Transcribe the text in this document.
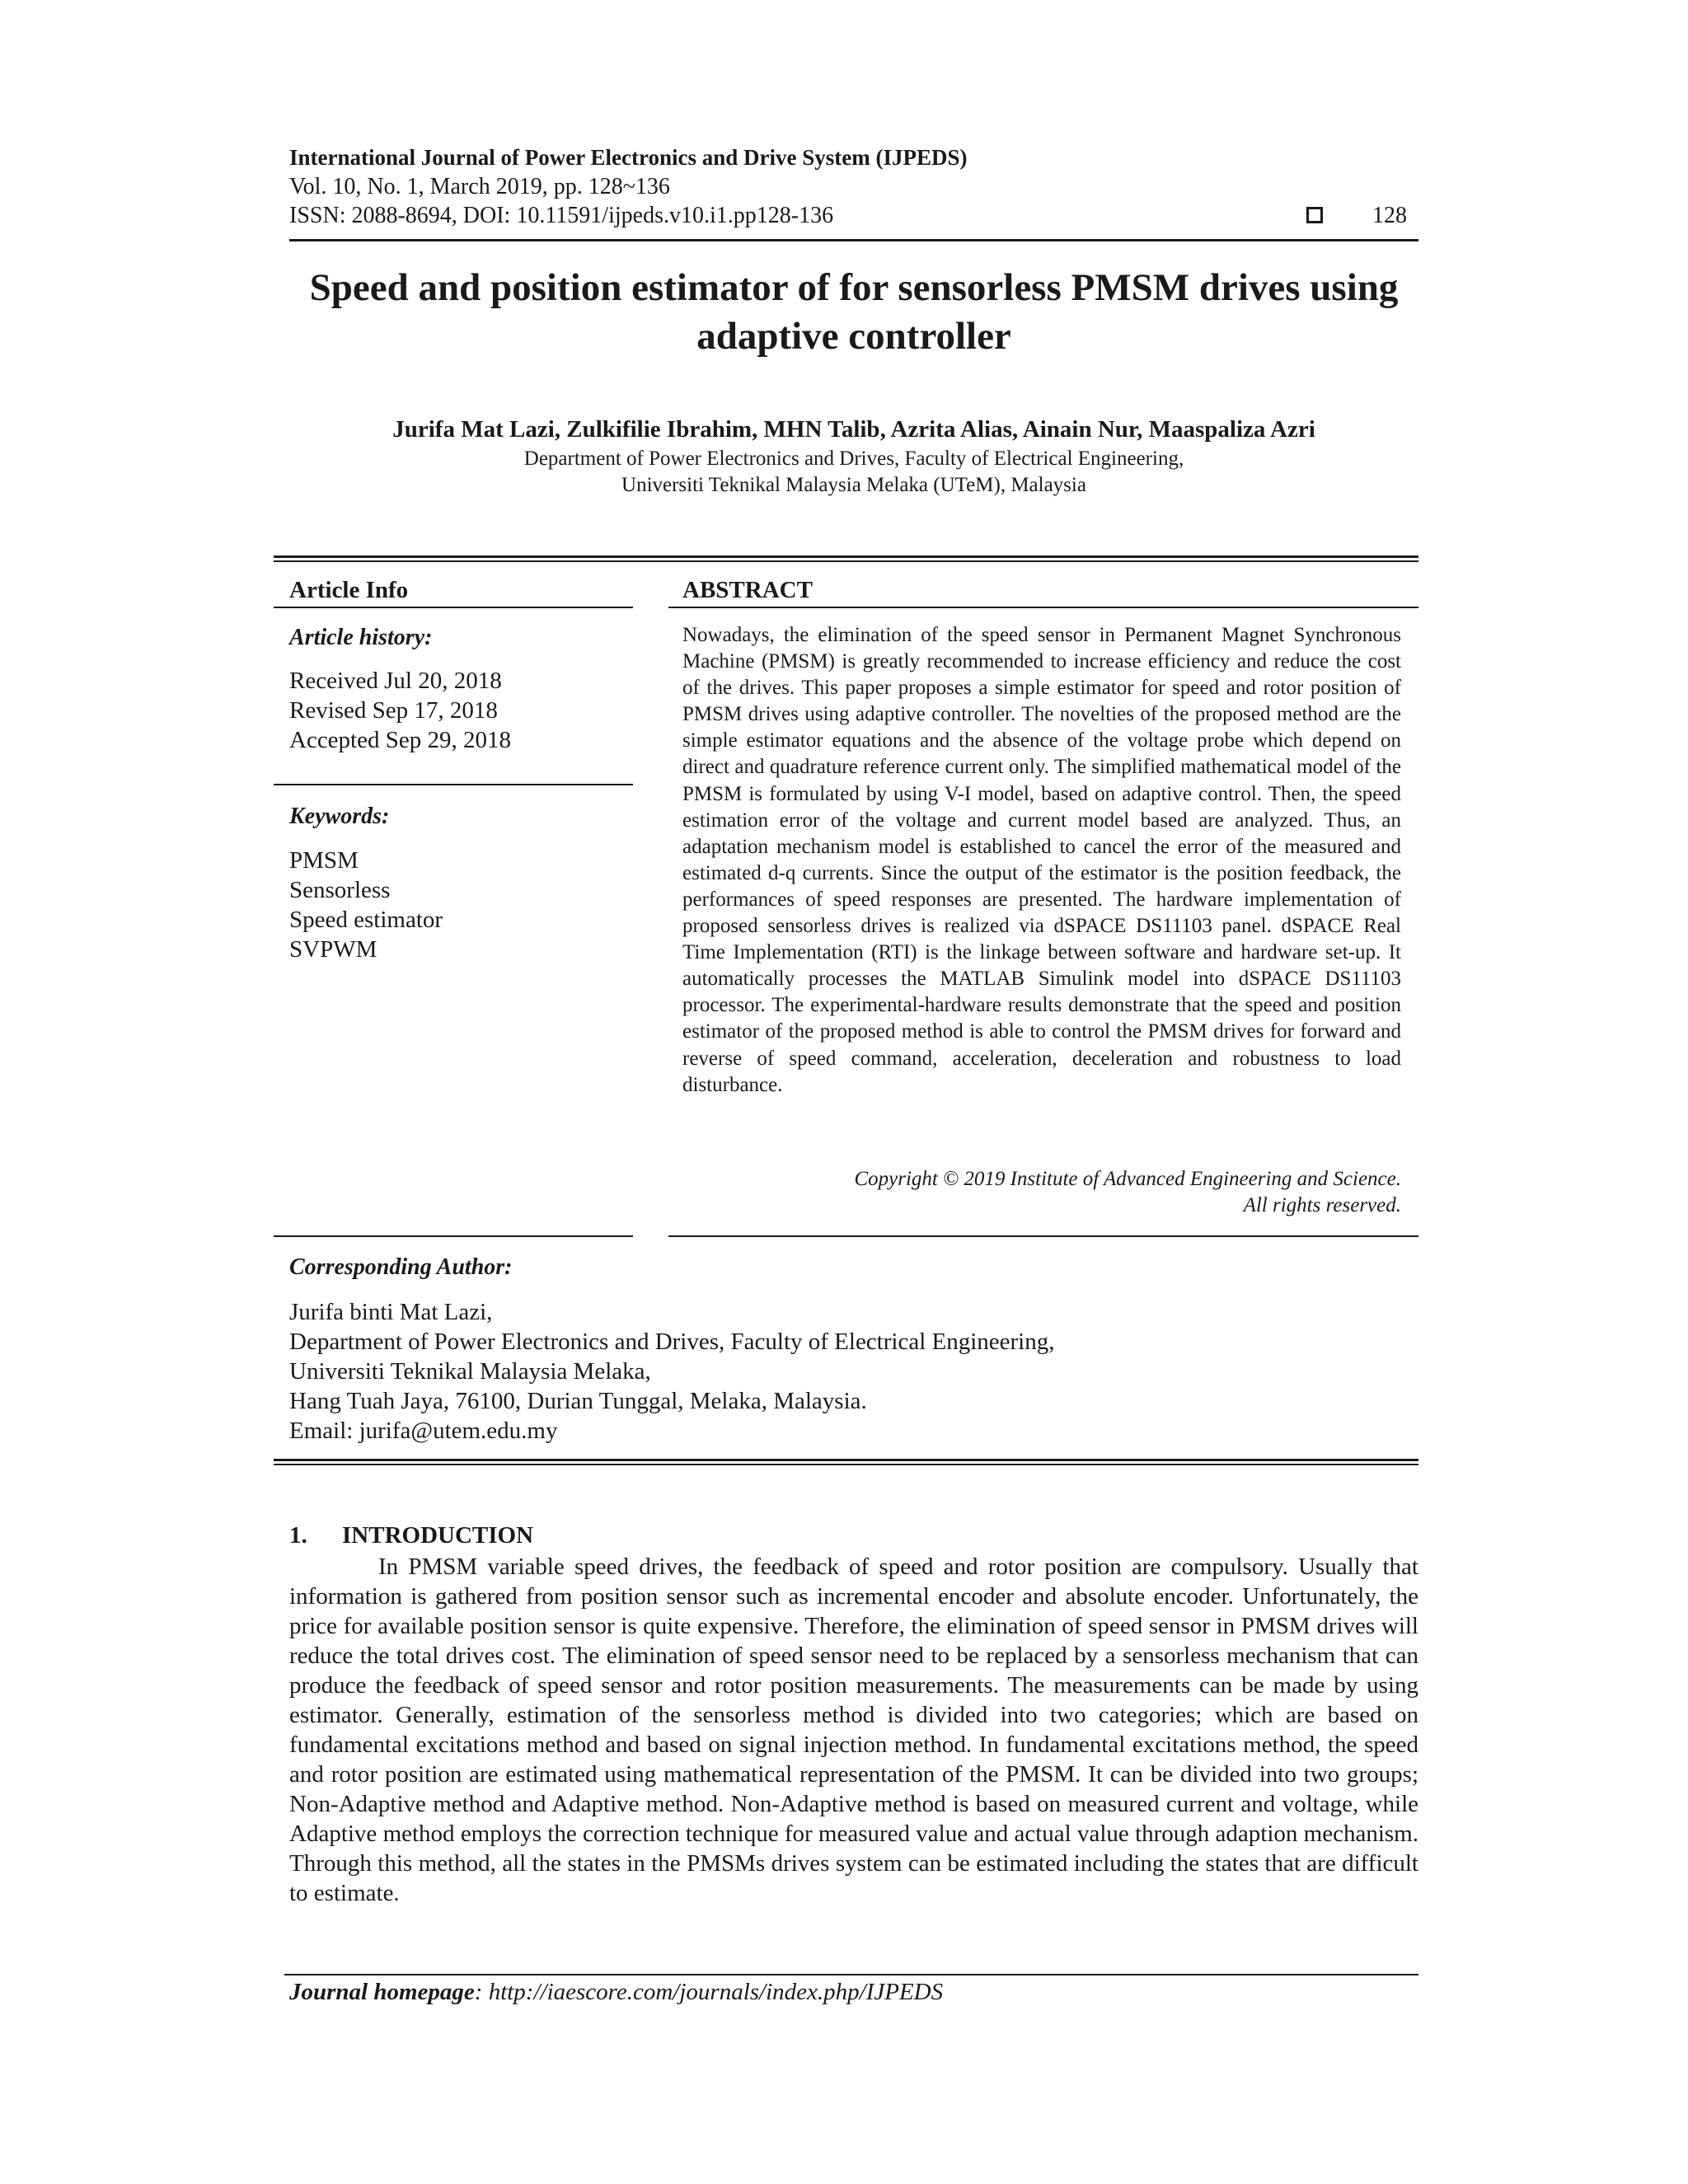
International Journal of Power Electronics and Drive System (IJPEDS)
Vol. 10, No. 1, March 2019, pp. 128~136
ISSN: 2088-8694, DOI: 10.11591/ijpeds.v10.i1.pp128-136	128
Speed and position estimator of for sensorless PMSM drives using adaptive controller
Jurifa Mat Lazi, Zulkifilie Ibrahim, MHN Talib, Azrita Alias, Ainain Nur, Maaspaliza Azri
Department of Power Electronics and Drives, Faculty of Electrical Engineering,
Universiti Teknikal Malaysia Melaka (UTeM), Malaysia
Article Info
Article history:
Received Jul 20, 2018
Revised Sep 17, 2018
Accepted Sep 29, 2018
Keywords:
PMSM
Sensorless
Speed estimator
SVPWM
ABSTRACT
Nowadays, the elimination of the speed sensor in Permanent Magnet Synchronous Machine (PMSM) is greatly recommended to increase efficiency and reduce the cost of the drives. This paper proposes a simple estimator for speed and rotor position of PMSM drives using adaptive controller. The novelties of the proposed method are the simple estimator equations and the absence of the voltage probe which depend on direct and quadrature reference current only. The simplified mathematical model of the PMSM is formulated by using V-I model, based on adaptive control. Then, the speed estimation error of the voltage and current model based are analyzed. Thus, an adaptation mechanism model is established to cancel the error of the measured and estimated d-q currents. Since the output of the estimator is the position feedback, the performances of speed responses are presented. The hardware implementation of proposed sensorless drives is realized via dSPACE DS11103 panel. dSPACE Real Time Implementation (RTI) is the linkage between software and hardware set-up. It automatically processes the MATLAB Simulink model into dSPACE DS11103 processor. The experimental-hardware results demonstrate that the speed and position estimator of the proposed method is able to control the PMSM drives for forward and reverse of speed command, acceleration, deceleration and robustness to load disturbance.
Copyright © 2019 Institute of Advanced Engineering and Science.
All rights reserved.
Corresponding Author:
Jurifa binti Mat Lazi,
Department of Power Electronics and Drives, Faculty of Electrical Engineering,
Universiti Teknikal Malaysia Melaka,
Hang Tuah Jaya, 76100, Durian Tunggal, Melaka, Malaysia.
Email: jurifa@utem.edu.my
1. INTRODUCTION
In PMSM variable speed drives, the feedback of speed and rotor position are compulsory. Usually that information is gathered from position sensor such as incremental encoder and absolute encoder. Unfortunately, the price for available position sensor is quite expensive. Therefore, the elimination of speed sensor in PMSM drives will reduce the total drives cost. The elimination of speed sensor need to be replaced by a sensorless mechanism that can produce the feedback of speed sensor and rotor position measurements. The measurements can be made by using estimator. Generally, estimation of the sensorless method is divided into two categories; which are based on fundamental excitations method and based on signal injection method. In fundamental excitations method, the speed and rotor position are estimated using mathematical representation of the PMSM. It can be divided into two groups; Non-Adaptive method and Adaptive method. Non-Adaptive method is based on measured current and voltage, while Adaptive method employs the correction technique for measured value and actual value through adaption mechanism. Through this method, all the states in the PMSMs drives system can be estimated including the states that are difficult to estimate.
Journal homepage: http://iaescore.com/journals/index.php/IJPEDS
